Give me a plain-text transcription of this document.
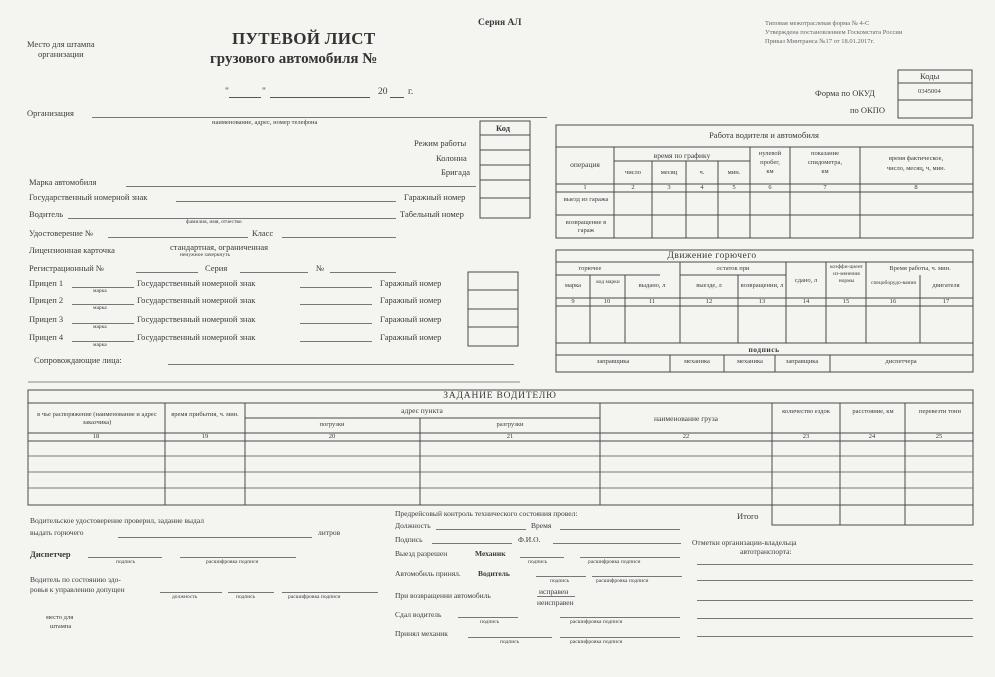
Место для штампа
организации
Серия АЛ
ПУТЕВОЙ ЛИСТ
грузового автомобиля №
"	"	20 г.
Типовая межотраслевая форма № 4-С
Утверждена постановлением Госкомстата России
Приказ Минтранса №17 от 18.01.2017г.
Коды
Форма по ОКУД	0345004
по ОКПО
Организация
наименование, адрес, номер телефона
Код
Режим работы
Колонна
Бригада
Марка автомобиля
Государственный номерной знак	Гаражный номер
Водитель
фамилия, имя, отчество
Табельный номер
Удостоверение №	Класс
Лицензионная карточка	стандартная, ограниченная
ненужное зачеркнуть
Регистрационный №	Серия	№
Прицеп 1
марка
Государственный номерной знак	Гаражный номер
Прицеп 2
марка
Государственный номерной знак	Гаражный номер
Прицеп 3
марка
Государственный номерной знак	Гаражный номер
Прицеп 4
марка
Государственный номерной знак	Гаражный номер
Сопровождающие лица:
Работа водителя и автомобиля
операция
время по графику
число	месяц	ч.	мин.
нулевой
пробег,
км
показание
спидометра,
км
время фактическое,
число, месяц, ч, мин.
1	2	3	4	5	6	7	8
выезд из гаража
возвращение в гараж
Движение горючего
горючее	остаток при
марка	код марки	выдано, л	выезде, л	возвращении, л
сдано, л
коэффи-циент из-менения нормы
Время работы, ч. мин.
спецоборудо-вания	двигателя
9	10	11	12	13	14	15	16	17
подпись
заправщика	механика	механика	заправщика	диспетчера
ЗАДАНИЕ ВОДИТЕЛЮ
в чье распоряжение (наименование и адрес заказчика)
время прибытия, ч. мин.	адрес пункта
погрузки	разгрузки
наименование груза
количество ездок	расстояние, км	перевезти тонн
18	19	20	21	22	23	24	25
Итого
Водительское удостоверение проверил, задание выдал
выдать горючего	литров
Диспетчер
подпись	расшифровка подписи
Водитель по состоянию здо-
ровья к управлению допущен
должность	подпись	расшифровка подписи
место для
штампа
Предрейсовый контроль технического состояния провел:
Должность	Время
Подпись	Ф.И.О.
Выезд разрешен	Механик
подпись	расшифровка подписи
Автомобиль принял. Водитель
подпись	расшифровка подписи
При возвращении автомобиль	исправен
неисправен
Сдал водитель
подпись	расшифровка подписи
Принял механик
подпись	расшифровка подписи
Отметки организации-владельца
автотранспорта:
